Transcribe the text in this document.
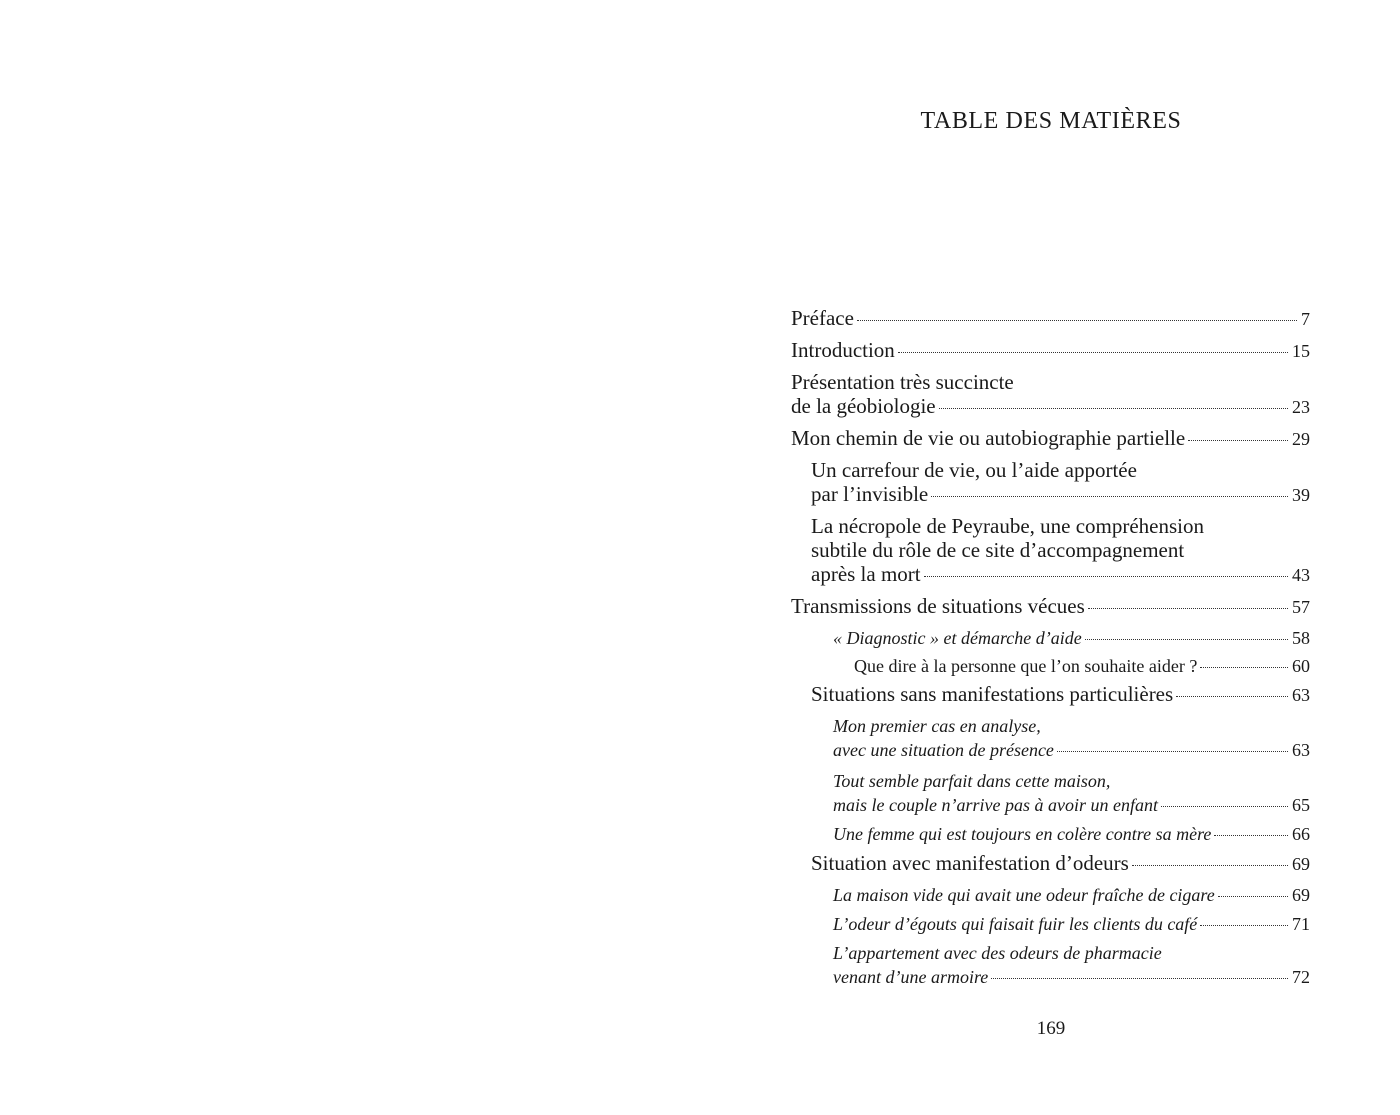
TABLE DES MATIÈRES
Préface	7
Introduction	15
Présentation très succincte
de la géobiologie	23
Mon chemin de vie ou autobiographie partielle	29
Un carrefour de vie, ou l’aide apportée
par l’invisible	39
La nécropole de Peyraube, une compréhension
subtile du rôle de ce site d’accompagnement
après la mort	43
Transmissions de situations vécues	57
« Diagnostic » et démarche d’aide	58
Que dire à la personne que l’on souhaite aider ?	60
Situations sans manifestations particulières	63
Mon premier cas en analyse,
avec une situation de présence	63
Tout semble parfait dans cette maison,
mais le couple n’arrive pas à avoir un enfant	65
Une femme qui est toujours en colère contre sa mère	66
Situation avec manifestation d’odeurs	69
La maison vide qui avait une odeur fraîche de cigare	69
L’odeur d’égouts qui faisait fuir les clients du café	71
L’appartement avec des odeurs de pharmacie
venant d’une armoire	72
169
